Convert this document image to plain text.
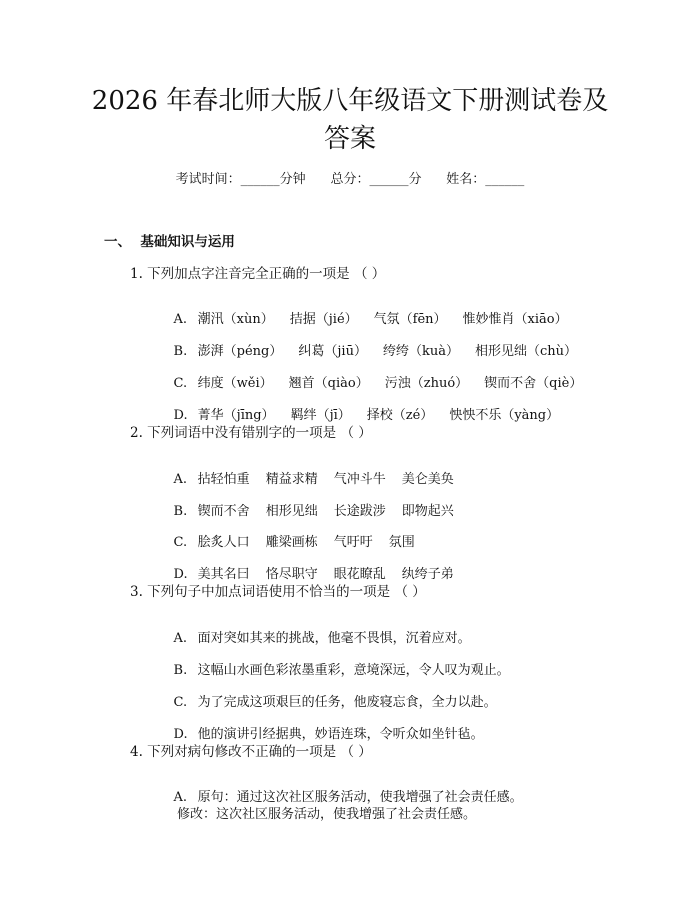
2026 年春北师大版八年级语文下册测试卷及
答案
考试时间：______分钟 总分：______分 姓名：______
一、  基础知识与运用
1. 下列加点字注音完全正确的一项是 （ ）

A. 潮汛（xùn） 拮据（jié） 气氛（fēn） 惟妙惟肖（xiāo）

B. 澎湃（péng） 纠葛（jiū） 绔绔（kuà） 相形见绌（chù）

C. 纬度（wěi） 翘首（qiào） 污浊（zhuó） 锲而不舍（qiè）

D. 菁华（jīng） 羁绊（jī） 择校（zé） 怏怏不乐（yàng）

2. 下列词语中没有错别字的一项是 （ ）

A. 拈轻怕重 精益求精 气冲斗牛 美仑美奂

B. 锲而不舍 相形见绌 长途跋涉 即物起兴

C. 脍炙人口 雕梁画栋 气吁吁 氛围

D. 美其名曰 恪尽职守 眼花瞭乱 纨绔子弟

3. 下列句子中加点词语使用不恰当的一项是 （ ）

A. 面对突如其来的挑战，他毫不畏惧，沉着应对。

B. 这幅山水画色彩浓墨重彩，意境深远，令人叹为观止。

C. 为了完成这项艰巨的任务，他废寝忘食，全力以赴。

D. 他的演讲引经据典，妙语连珠，令听众如坐针毡。

4. 下列对病句修改不正确的一项是 （ ）

A. 原句：通过这次社区服务活动，使我增强了社会责任感。

修改：这次社区服务活动，使我增强了社会责任感。
